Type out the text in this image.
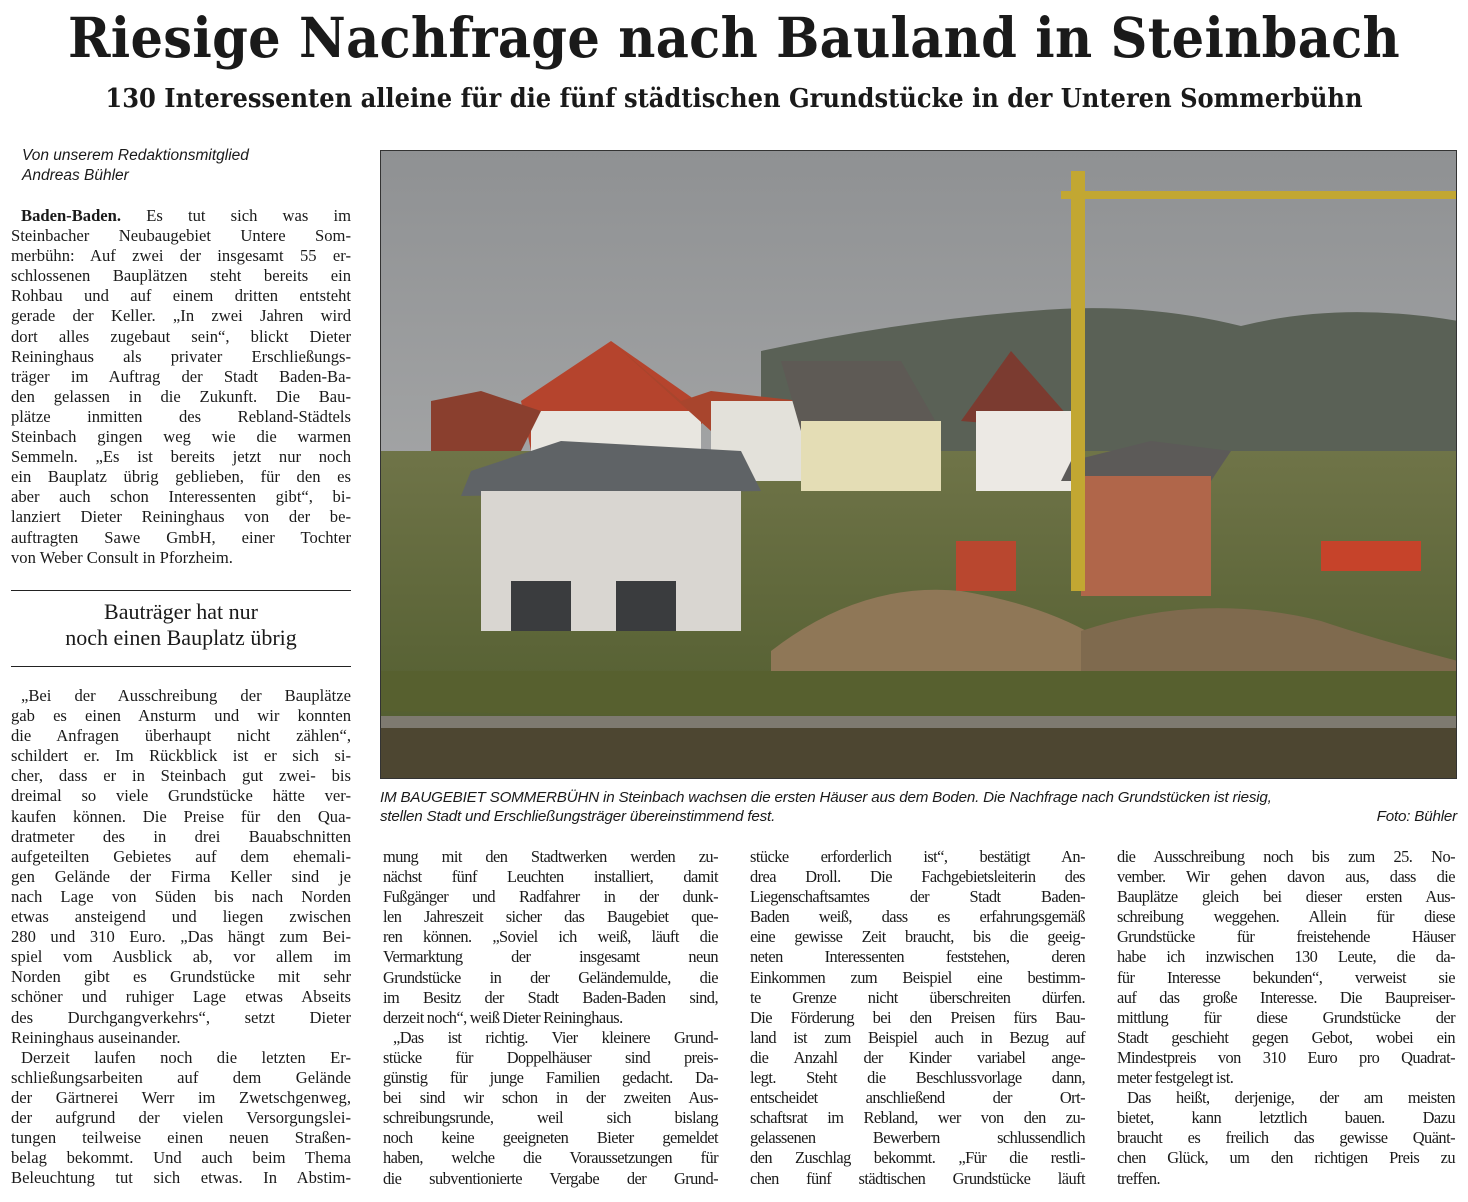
Riesige Nachfrage nach Bauland in Steinbach
130 Interessenten alleine für die fünf städtischen Grundstücke in der Unteren Sommerbühn
Von unserem Redaktionsmitglied
Andreas Bühler
Baden-Baden. Es tut sich was im
Steinbacher Neubaugebiet Untere Som-
merbühn: Auf zwei der insgesamt 55 er-
schlossenen Bauplätzen steht bereits ein
Rohbau und auf einem dritten entsteht
gerade der Keller. „In zwei Jahren wird
dort alles zugebaut sein“, blickt Dieter
Reininghaus als privater Erschließungs-
träger im Auftrag der Stadt Baden-Ba-
den gelassen in die Zukunft. Die Bau-
plätze inmitten des Rebland-Städtels
Steinbach gingen weg wie die warmen
Semmeln. „Es ist bereits jetzt nur noch
ein Bauplatz übrig geblieben, für den es
aber auch schon Interessenten gibt“, bi-
lanziert Dieter Reininghaus von der be-
auftragten Sawe GmbH, einer Tochter
von Weber Consult in Pforzheim.
Bauträger hat nur
noch einen Bauplatz übrig
„Bei der Ausschreibung der Bauplätze
gab es einen Ansturm und wir konnten
die Anfragen überhaupt nicht zählen“,
schildert er. Im Rückblick ist er sich si-
cher, dass er in Steinbach gut zwei- bis
dreimal so viele Grundstücke hätte ver-
kaufen können. Die Preise für den Qua-
dratmeter des in drei Bauabschnitten
aufgeteilten Gebietes auf dem ehemali-
gen Gelände der Firma Keller sind je
nach Lage von Süden bis nach Norden
etwas ansteigend und liegen zwischen
280 und 310 Euro. „Das hängt zum Bei-
spiel vom Ausblick ab, vor allem im
Norden gibt es Grundstücke mit sehr
schöner und ruhiger Lage etwas Abseits
des Durchgangverkehrs“, setzt Dieter
Reininghaus auseinander.
Derzeit laufen noch die letzten Er-
schließungsarbeiten auf dem Gelände
der Gärtnerei Werr im Zwetschgenweg,
der aufgrund der vielen Versorgungslei-
tungen teilweise einen neuen Straßen-
belag bekommt. Und auch beim Thema
Beleuchtung tut sich etwas. In Abstim-
IM BAUGEBIET SOMMERBÜHN in Steinbach wachsen die ersten Häuser aus dem Boden. Die Nachfrage nach Grundstücken ist riesig,
stellen Stadt und Erschließungsträger übereinstimmend fest.	Foto: Bühler
mung mit den Stadtwerken werden zu-
nächst fünf Leuchten installiert, damit
Fußgänger und Radfahrer in der dunk-
len Jahreszeit sicher das Baugebiet que-
ren können. „Soviel ich weiß, läuft die
Vermarktung der insgesamt neun
Grundstücke in der Geländemulde, die
im Besitz der Stadt Baden-Baden sind,
derzeit noch“, weiß Dieter Reininghaus.
„Das ist richtig. Vier kleinere Grund-
stücke für Doppelhäuser sind preis-
günstig für junge Familien gedacht. Da-
bei sind wir schon in der zweiten Aus-
schreibungsrunde, weil sich bislang
noch keine geeigneten Bieter gemeldet
haben, welche die Voraussetzungen für
die subventionierte Vergabe der Grund-
stücke erforderlich ist“, bestätigt An-
drea Droll. Die Fachgebietsleiterin des
Liegenschaftsamtes der Stadt Baden-
Baden weiß, dass es erfahrungsgemäß
eine gewisse Zeit braucht, bis die geeig-
neten Interessenten feststehen, deren
Einkommen zum Beispiel eine bestimm-
te Grenze nicht überschreiten dürfen.
Die Förderung bei den Preisen fürs Bau-
land ist zum Beispiel auch in Bezug auf
die Anzahl der Kinder variabel ange-
legt. Steht die Beschlussvorlage dann,
entscheidet anschließend der Ort-
schaftsrat im Rebland, wer von den zu-
gelassenen Bewerbern schlussendlich
den Zuschlag bekommt. „Für die restli-
chen fünf städtischen Grundstücke läuft
die Ausschreibung noch bis zum 25. No-
vember. Wir gehen davon aus, dass die
Bauplätze gleich bei dieser ersten Aus-
schreibung weggehen. Allein für diese
Grundstücke für freistehende Häuser
habe ich inzwischen 130 Leute, die da-
für Interesse bekunden“, verweist sie
auf das große Interesse. Die Baupreiser-
mittlung für diese Grundstücke der
Stadt geschieht gegen Gebot, wobei ein
Mindestpreis von 310 Euro pro Quadrat-
meter festgelegt ist.
Das heißt, derjenige, der am meisten
bietet, kann letztlich bauen. Dazu
braucht es freilich das gewisse Quänt-
chen Glück, um den richtigen Preis zu
treffen.
